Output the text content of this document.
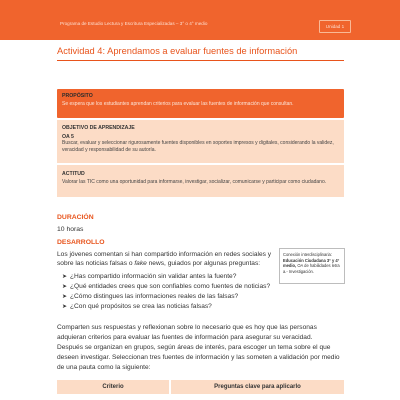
Programa de Estudio Lectura y Escritura Especializadas – 3° o 4° medio
Unidad 1
Actividad 4: Aprendamos a evaluar fuentes de información
PROPÓSITO
Se espera que los estudiantes aprendan criterios para evaluar las fuentes de información que consultan.
OBJETIVO DE APRENDIZAJE
OA 5
Buscar, evaluar y seleccionar rigurosamente fuentes disponibles en soportes impresos y digitales, considerando la validez, veracidad y responsabilidad de su autoría.
ACTITUD
Valorar las TIC como una oportunidad para informarse, investigar, socializar, comunicarse y participar como ciudadano.
DURACIÓN
10 horas
DESARROLLO
Los jóvenes comentan si han compartido información en redes sociales y sobre las noticias falsas o fake news, guiados por algunas preguntas:
➤ ¿Has compartido información sin validar antes la fuente?
➤ ¿Qué entidades crees que son confiables como fuentes de noticias?
➤ ¿Cómo distingues las informaciones reales de las falsas?
➤ ¿Con qué propósitos se crea las noticias falsas?
Conexión interdisciplinaria: Educación Ciudadana 3° y 4° medio, OA de habilidades letra a.- Investigación.
Comparten sus respuestas y reflexionan sobre lo necesario que es hoy que las personas adquieran criterios para evaluar las fuentes de información para asegurar su veracidad.
Después se organizan en grupos, según áreas de interés, para escoger un tema sobre el que deseen investigar. Seleccionan tres fuentes de información y las someten a validación por medio de una pauta como la siguiente:
Criterio	Preguntas clave para aplicarlo
